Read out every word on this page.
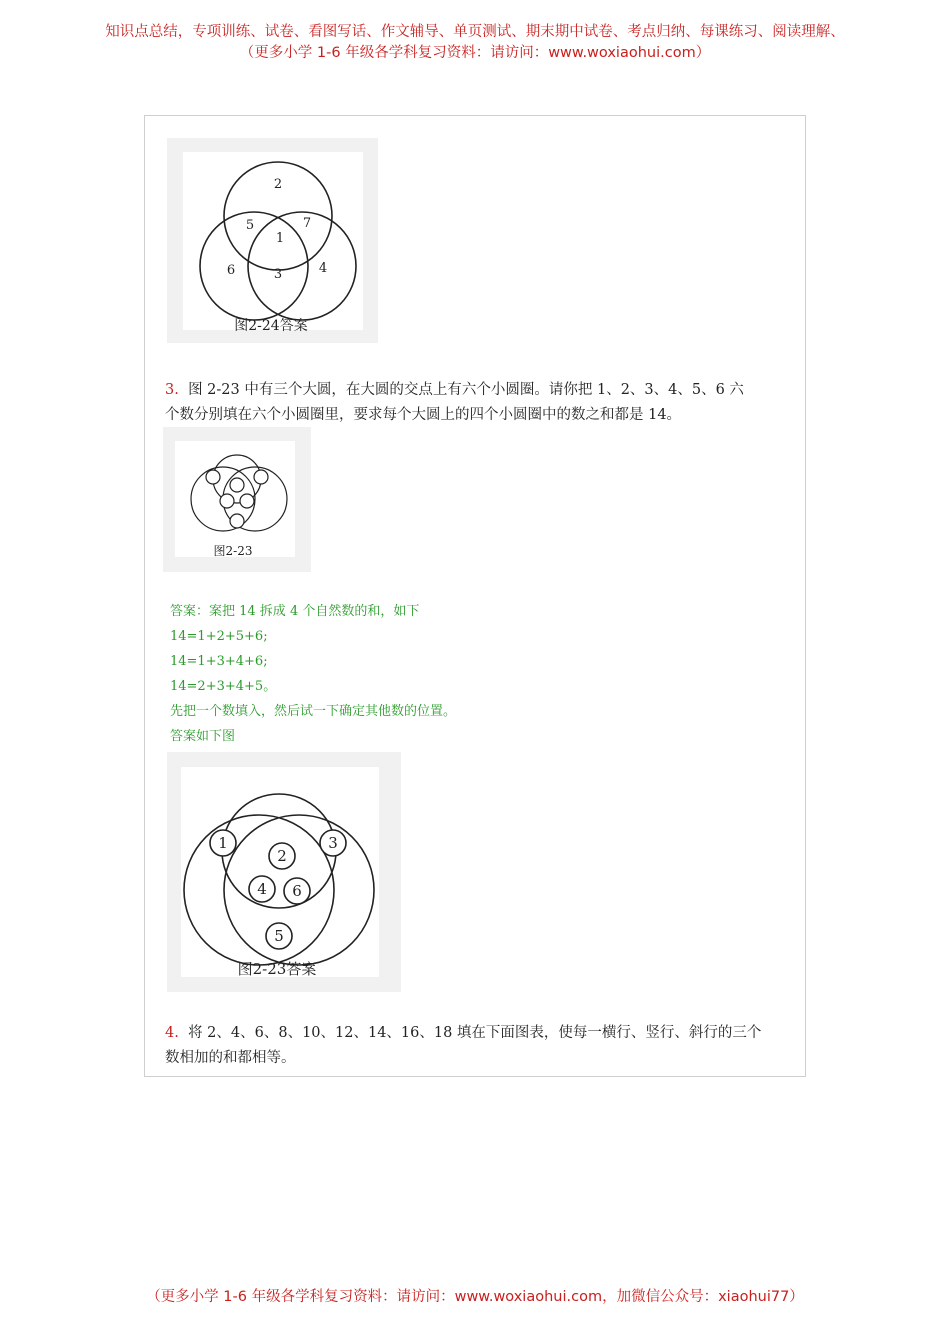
知识点总结，专项训练、试卷、看图写话、作文辅导、单页测试、期末期中试卷、考点归纳、每课练习、阅读理解、
（更多小学 1-6 年级各学科复习资料：请访问：www.woxiaohui.com）
2
5	7
1
6	3	4
图2-24答案
3. 图 2-23 中有三个大圆，在大圆的交点上有六个小圆圈。请你把 1、2、3、4、5、6 六
个数分别填在六个小圆圈里，要求每个大圆上的四个小圆圈中的数之和都是 14。
图2-23
答案：案把 14 拆成 4 个自然数的和，如下
14=1+2+5+6;
14=1+3+4+6;
14=2+3+4+5。
先把一个数填入，然后试一下确定其他数的位置。
答案如下图
1	3
2
4 6
5
图2-23答案
4. 将 2、4、6、8、10、12、14、16、18 填在下面图表，使每一横行、竖行、斜行的三个
数相加的和都相等。
（更多小学 1-6 年级各学科复习资料：请访问：www.woxiaohui.com，加微信公众号：xiaohui77）
